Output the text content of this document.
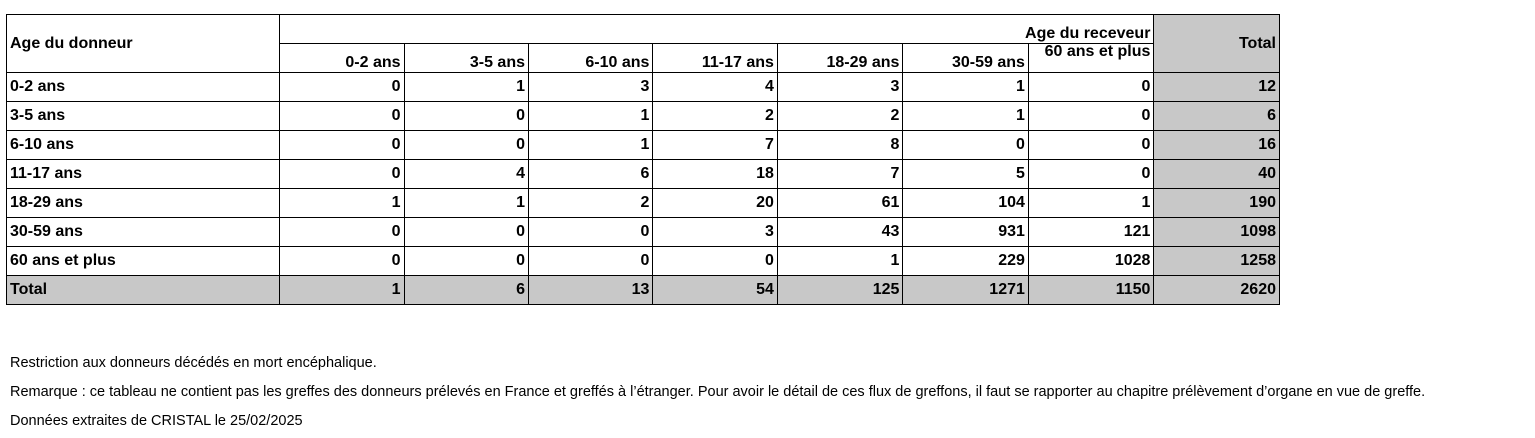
Age du donneur	Age du receveur							Total
	0-2 ans	3-5 ans	6-10 ans	11-17 ans	18-29 ans	30-59 ans	60 ans et plus	
0-2 ans	0	1	3	4	3	1	0	12
3-5 ans	0	0	1	2	2	1	0	6
6-10 ans	0	0	1	7	8	0	0	16
11-17 ans	0	4	6	18	7	5	0	40
18-29 ans	1	1	2	20	61	104	1	190
30-59 ans	0	0	0	3	43	931	121	1098
60 ans et plus	0	0	0	0	1	229	1028	1258
Total	1	6	13	54	125	1271	1150	2620

Restriction aux donneurs décédés en mort encéphalique.

Remarque : ce tableau ne contient pas les greffes des donneurs prélevés en France et greffés à l’étranger. Pour avoir le détail de ces flux de greffons, il faut se rapporter au chapitre prélèvement d’organe en vue de greffe.

Données extraites de CRISTAL le 25/02/2025
